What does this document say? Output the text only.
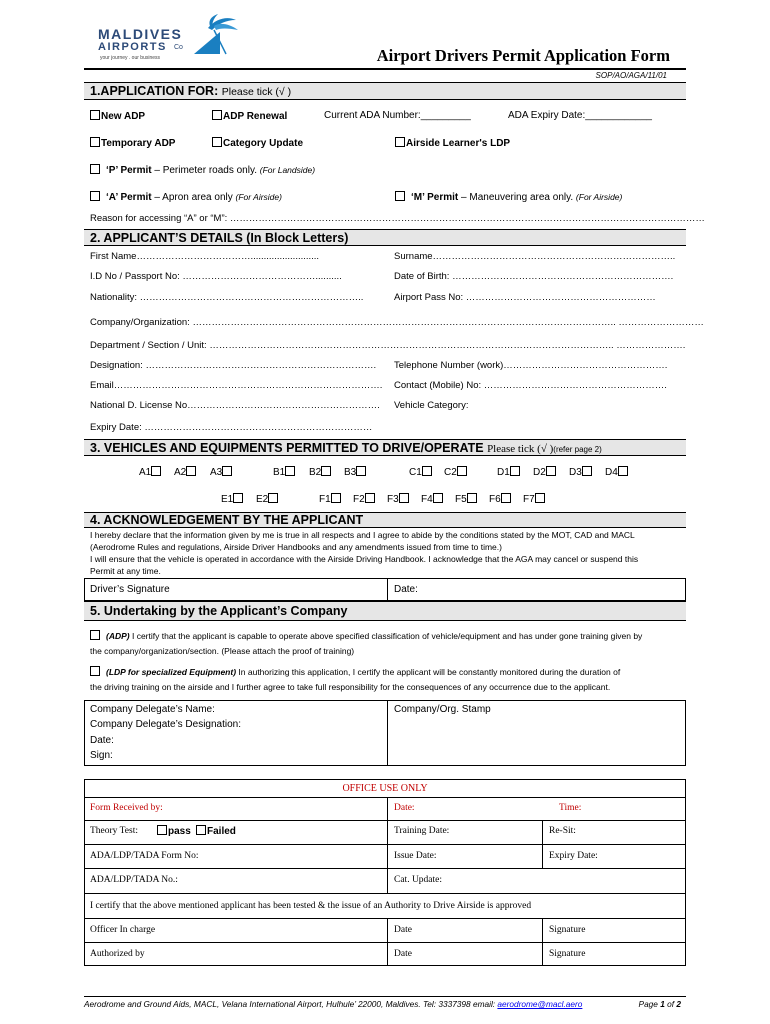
MALDIVES
AIRPORTS Co
your journey . our business	Airport Drivers Permit Application Form
SOP/AO/AGA/11/01
1.APPLICATION FOR: Please tick (√ )
New ADP	ADP Renewal	Current ADA Number:_________	ADA Expiry Date:____________
Temporary ADP	Category Update	Airside Learner's LDP
‘P’ Permit – Perimeter roads only. (For Landside)
‘A’ Permit – Apron area only (For Airside)	‘M’ Permit – Maneuvering area only. (For Airside)
Reason for accessing “A” or “M”: ……………………………………………………………………………………………………………………………………
2. APPLICANT’S DETAILS (In Block Letters)
First Name………………………………..........................	Surname…………………………………………………………………..
I.D No / Passport No: ……………………………………..........	Date of Birth: …………………………………………………………….
Nationality: ……………………………………………………………..	Airport Pass No: ……………………………………………………
Company/Organization: …………………………………………………………………………………………………………………….. ………………………
Department / Section / Unit: ……………………………………………………………………………………………………………….. ………………….
Designation: ………………………………………………………………. Telephone Number (work)…………………………………………….
Email…………………………………………………………………………. Contact (Mobile) No: ………………………………………………….
National D. License No……………………………………………………. Vehicle Category:
Expiry Date: ………………………………………………………………
3. VEHICLES AND EQUIPMENTS PERMITTED TO DRIVE/OPERATE Please tick (√ )(refer page 2)
A1	A2	A3	B1	B2	B3	C1	C2	D1	D2	D3	D4
E1	E2	F1	F2	F3	F4	F5	F6	F7
4. ACKNOWLEDGEMENT BY THE APPLICANT
I hereby declare that the information given by me is true in all respects and I agree to abide by the conditions stated by the MOT, CAD and MACL
(Aerodrome Rules and regulations, Airside Driver Handbooks and any amendments issued from time to time.)
I will ensure that the vehicle is operated in accordance with the Airside Driving Handbook. I acknowledge that the AGA may cancel or suspend this
Permit at any time.
Driver’s Signature	Date:
5. Undertaking by the Applicant’s Company
(ADP) I certify that the applicant is capable to operate above specified classification of vehicle/equipment and has under gone training given by
the company/organization/section. (Please attach the proof of training)
(LDP for specialized Equipment) In authorizing this application, I certify the applicant will be constantly monitored during the duration of
the driving training on the airside and I further agree to take full responsibility for the consequences of any occurrence due to the applicant.
Company Delegate’s Name:
Company Delegate’s Designation:
Date:
Sign:
Company/Org. Stamp
OFFICE USE ONLY
Form Received by:	Date:	Time:
Theory Test:	pass	Failed	Training Date:	Re-Sit:
ADA/LDP/TADA Form No:	Issue Date:	Expiry Date:
ADA/LDP/TADA No.:	Cat. Update:
I certify that the above mentioned applicant has been tested & the issue of an Authority to Drive Airside is approved
Officer In charge	Date	Signature
Authorized by	Date	Signature
Aerodrome and Ground Aids, MACL, Velana International Airport, Hulhule’ 22000, Maldives. Tel: 3337398 email: aerodrome@macl.aero	Page 1 of 2
